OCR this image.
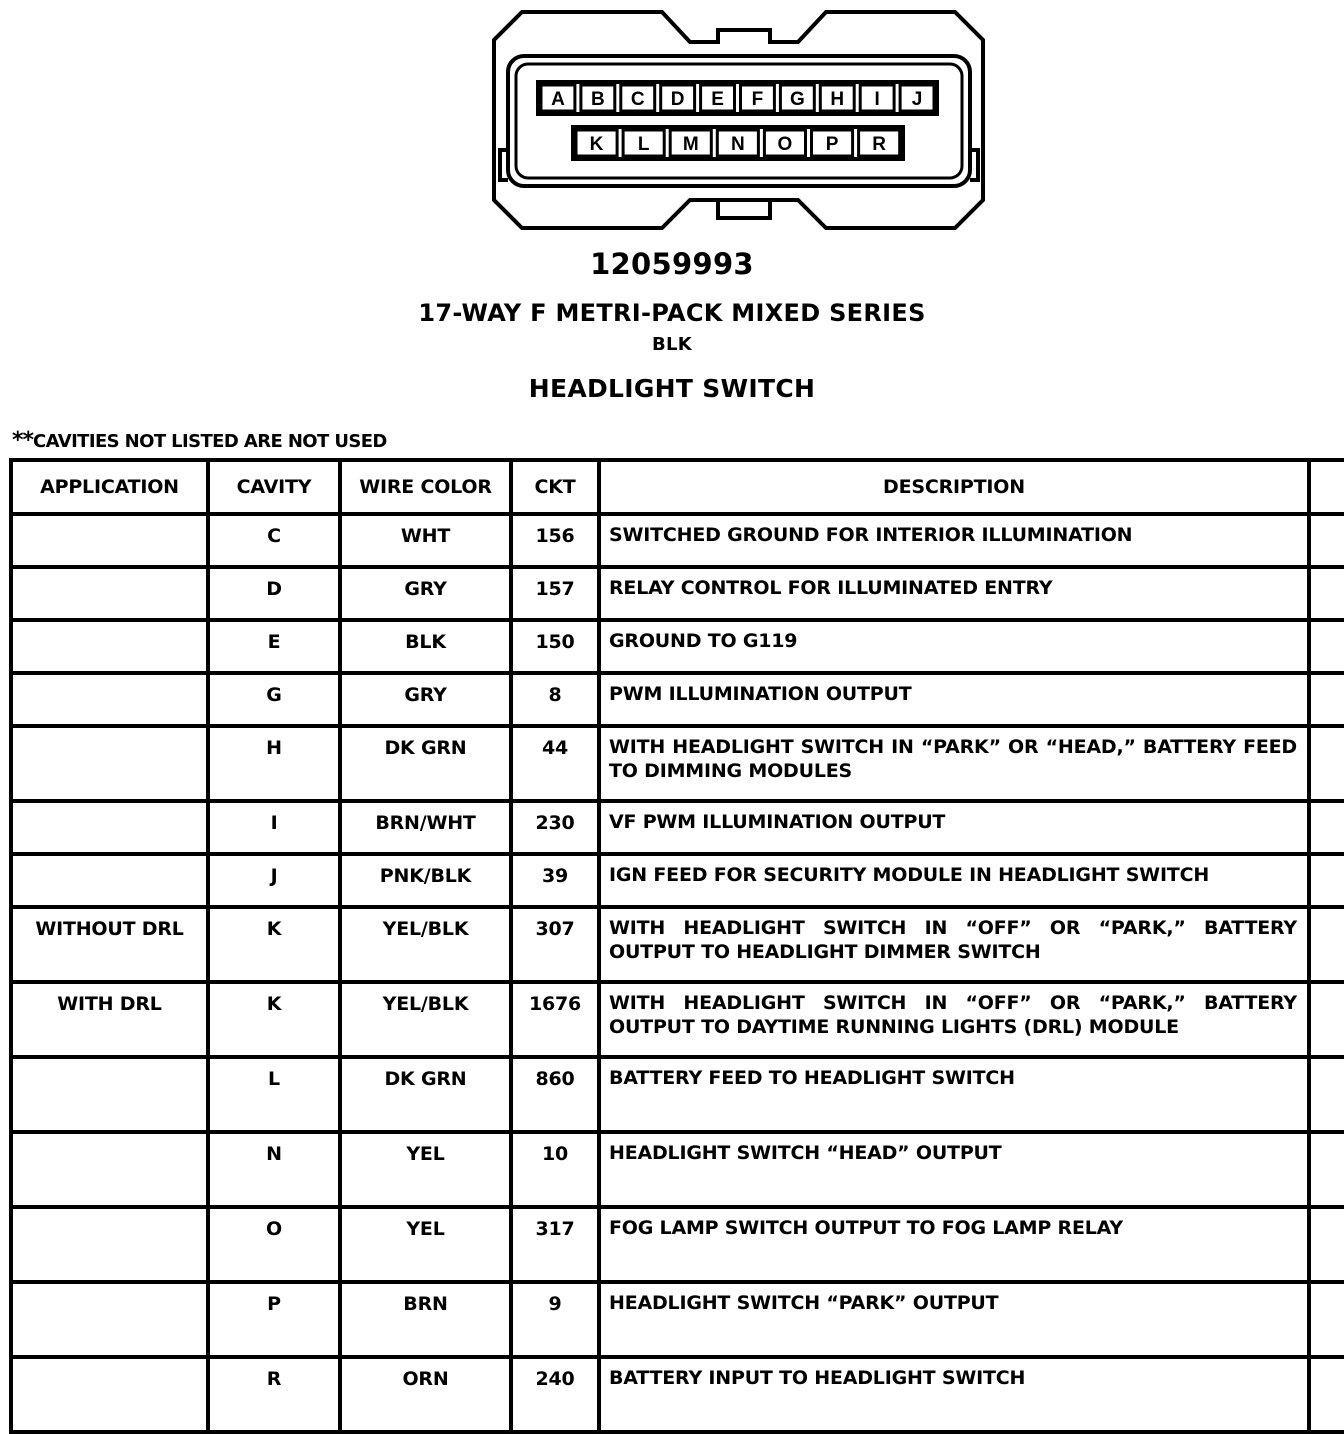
A B C D E F G H I J
K L M N O P R
12059993
17-WAY F METRI-PACK MIXED SERIES
BLK
HEADLIGHT SWITCH
**CAVITIES NOT LISTED ARE NOT USED
APPLICATION	CAVITY	WIRE COLOR	CKT	DESCRIPTION	
	C	WHT	156	SWITCHED GROUND FOR INTERIOR ILLUMINATION	
	D	GRY	157	RELAY CONTROL FOR ILLUMINATED ENTRY	
	E	BLK	150	GROUND TO G119	
	G	GRY	8	PWM ILLUMINATION OUTPUT	
	H	DK GRN	44	WITH HEADLIGHT SWITCH IN “PARK” OR “HEAD,” BATTERY FEED TO DIMMING MODULES	
	I	BRN/WHT	230	VF PWM ILLUMINATION OUTPUT	
	J	PNK/BLK	39	IGN FEED FOR SECURITY MODULE IN HEADLIGHT SWITCH	
WITHOUT DRL	K	YEL/BLK	307	WITH HEADLIGHT SWITCH IN “OFF” OR “PARK,” BATTERY OUTPUT TO HEADLIGHT DIMMER SWITCH	
WITH DRL	K	YEL/BLK	1676	WITH HEADLIGHT SWITCH IN “OFF” OR “PARK,” BATTERY OUTPUT TO DAYTIME RUNNING LIGHTS (DRL) MODULE	
	L	DK GRN	860	BATTERY FEED TO HEADLIGHT SWITCH	
	N	YEL	10	HEADLIGHT SWITCH “HEAD” OUTPUT	
	O	YEL	317	FOG LAMP SWITCH OUTPUT TO FOG LAMP RELAY	
	P	BRN	9	HEADLIGHT SWITCH “PARK” OUTPUT	
	R	ORN	240	BATTERY INPUT TO HEADLIGHT SWITCH	
